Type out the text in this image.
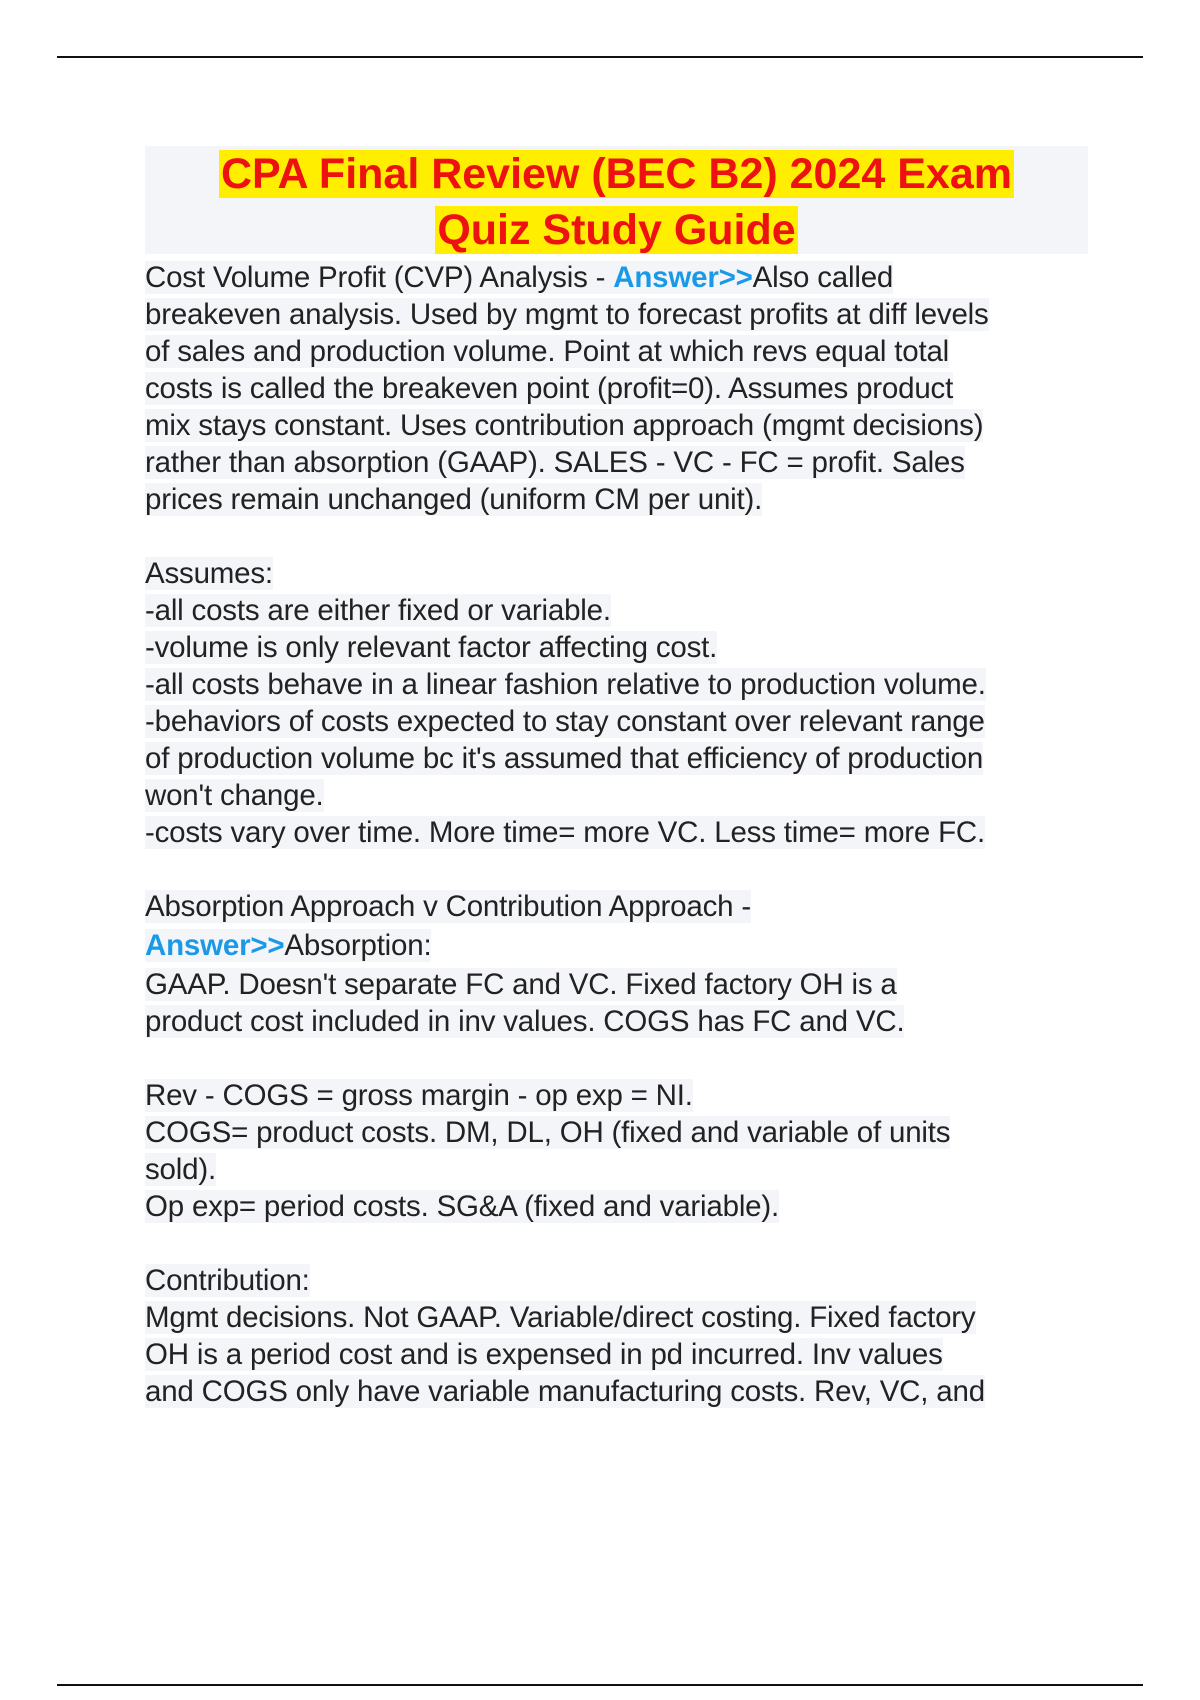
CPA Final Review (BEC B2) 2024 Exam
Quiz Study Guide
Cost Volume Profit (CVP) Analysis - Answer>>Also called
breakeven analysis. Used by mgmt to forecast profits at diff levels
of sales and production volume. Point at which revs equal total
costs is called the breakeven point (profit=0). Assumes product
mix stays constant. Uses contribution approach (mgmt decisions)
rather than absorption (GAAP). SALES - VC - FC = profit. Sales
prices remain unchanged (uniform CM per unit).
Assumes:
-all costs are either fixed or variable.
-volume is only relevant factor affecting cost.
-all costs behave in a linear fashion relative to production volume.
-behaviors of costs expected to stay constant over relevant range
of production volume bc it's assumed that efficiency of production
won't change.
-costs vary over time. More time= more VC. Less time= more FC.
Absorption Approach v Contribution Approach -
Answer>>Absorption:
GAAP. Doesn't separate FC and VC. Fixed factory OH is a
product cost included in inv values. COGS has FC and VC.
Rev - COGS = gross margin - op exp = NI.
COGS= product costs. DM, DL, OH (fixed and variable of units
sold).
Op exp= period costs. SG&A (fixed and variable).
Contribution:
Mgmt decisions. Not GAAP. Variable/direct costing. Fixed factory
OH is a period cost and is expensed in pd incurred. Inv values
and COGS only have variable manufacturing costs. Rev, VC, and
